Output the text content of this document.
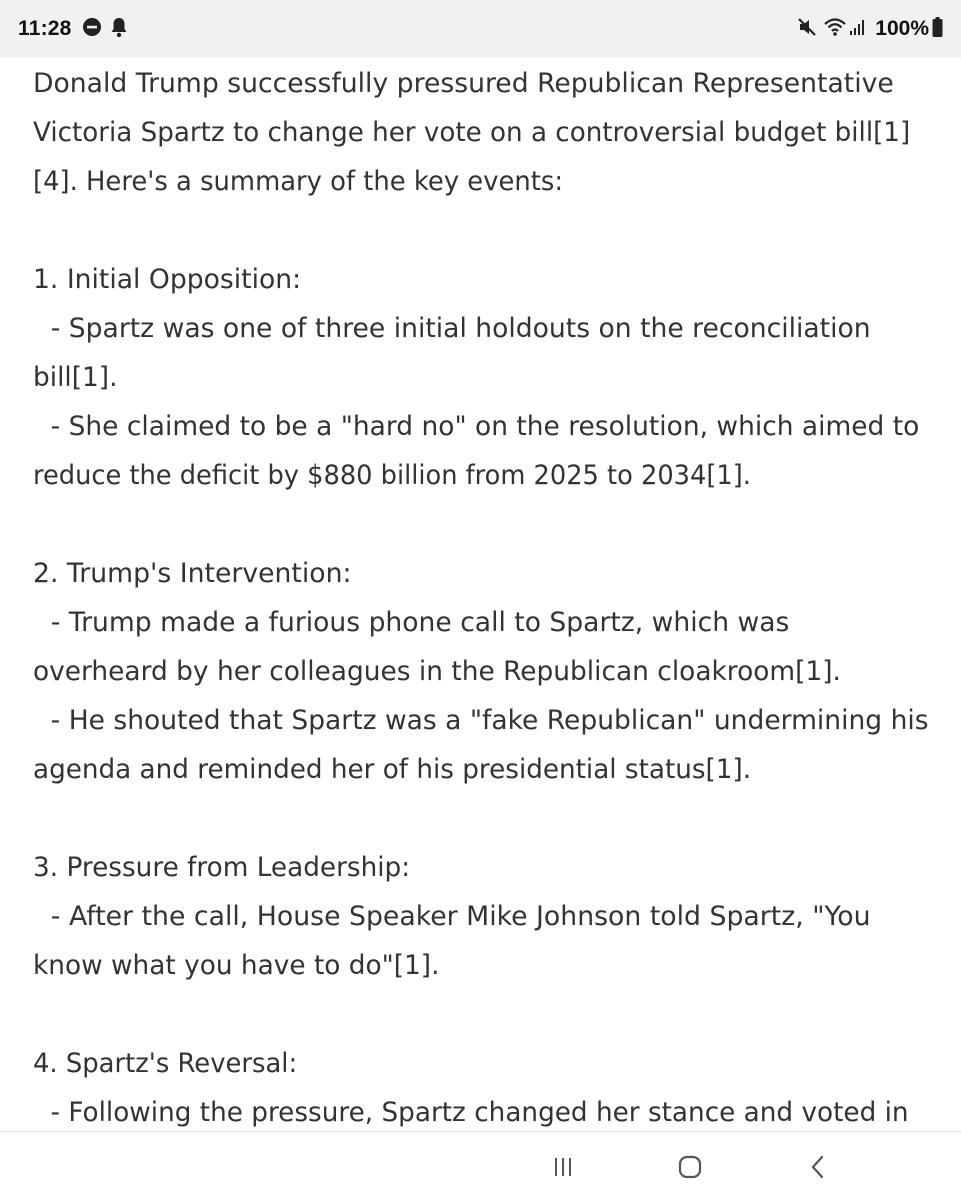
11:28	100%
Donald Trump successfully pressured Republican Representative
Victoria Spartz to change her vote on a controversial budget bill[1]
[4]. Here's a summary of the key events:
1. Initial Opposition:
- Spartz was one of three initial holdouts on the reconciliation
bill[1].
- She claimed to be a "hard no" on the resolution, which aimed to
reduce the deficit by $880 billion from 2025 to 2034[1].
2. Trump's Intervention:
- Trump made a furious phone call to Spartz, which was
overheard by her colleagues in the Republican cloakroom[1].
- He shouted that Spartz was a "fake Republican" undermining his
agenda and reminded her of his presidential status[1].
3. Pressure from Leadership:
- After the call, House Speaker Mike Johnson told Spartz, "You
know what you have to do"[1].
4. Spartz's Reversal:
- Following the pressure, Spartz changed her stance and voted in
